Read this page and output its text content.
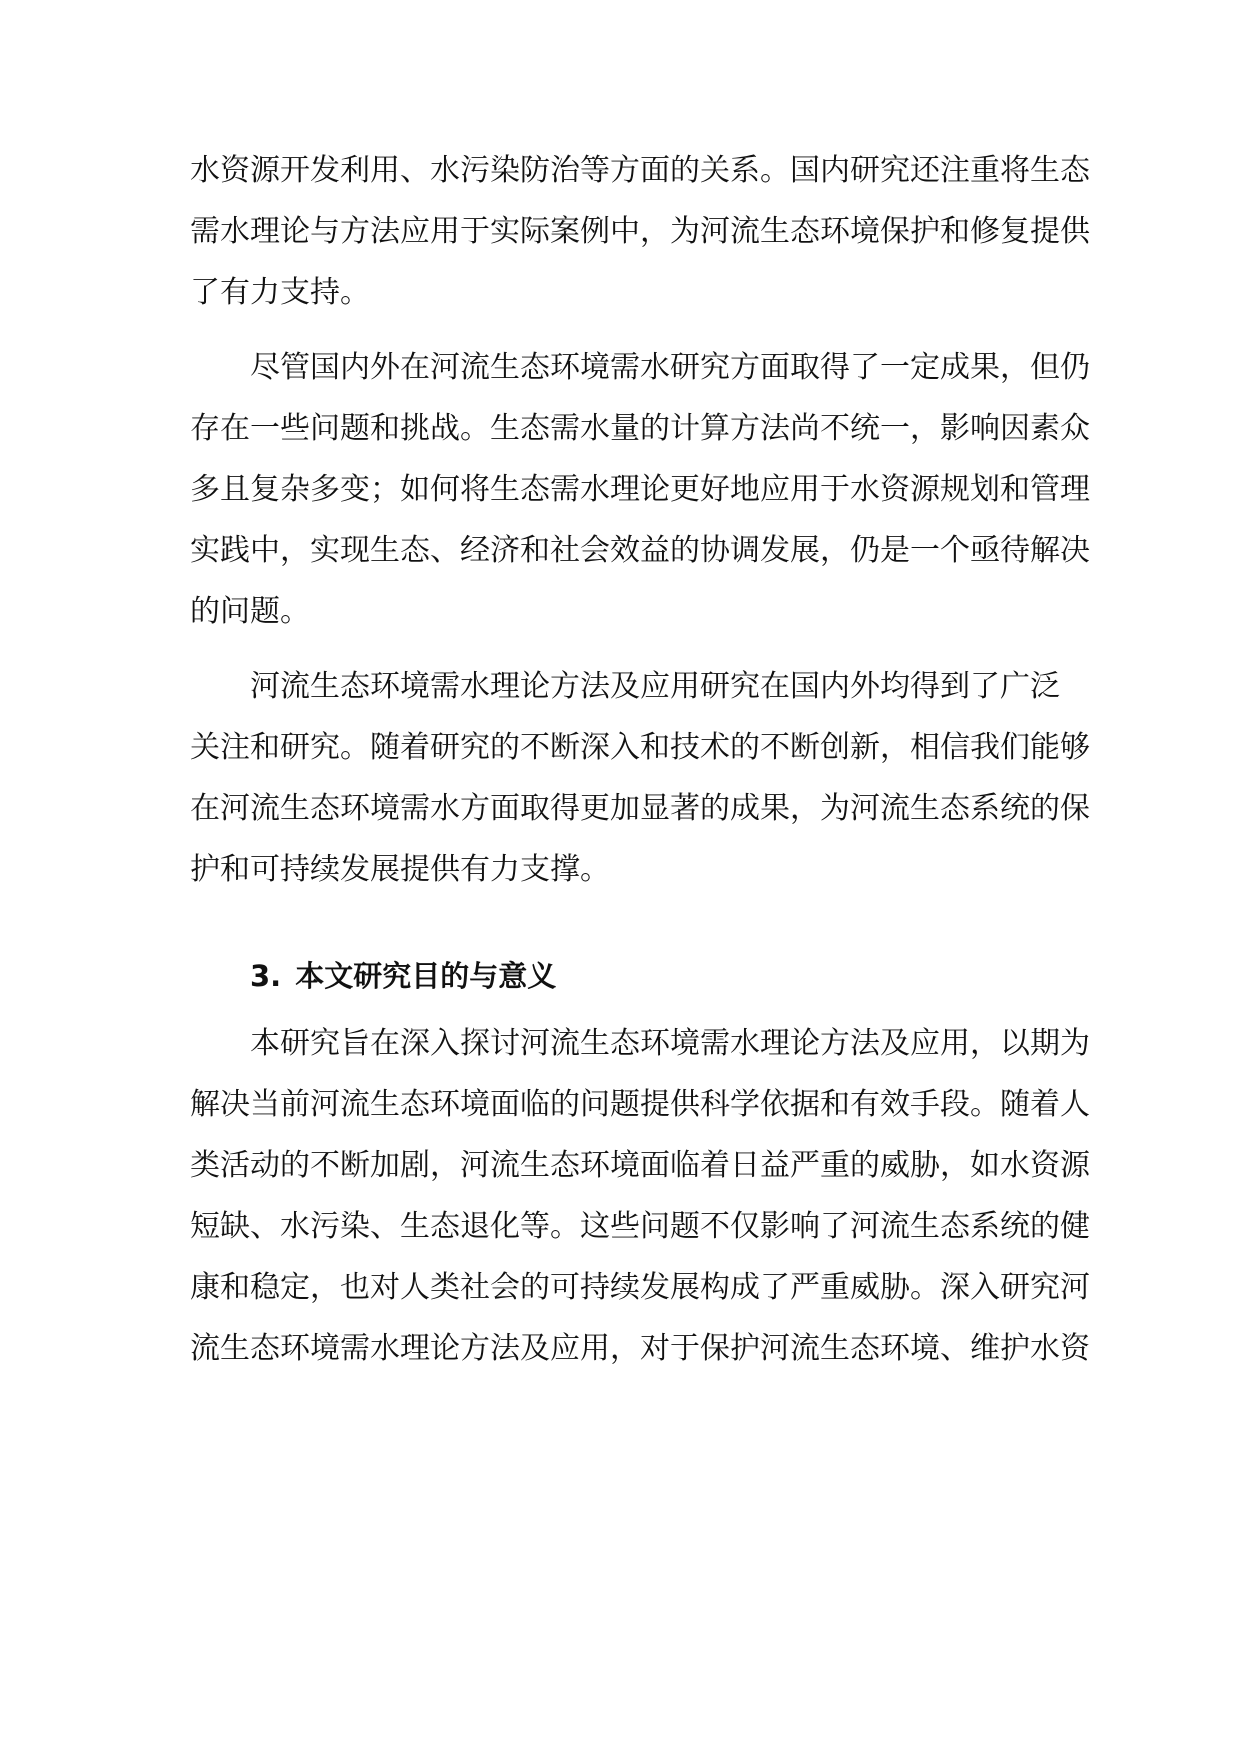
水资源开发利用、水污染防治等方面的关系。国内研究还注重将生态
需水理论与方法应用于实际案例中，为河流生态环境保护和修复提供
了有力支持。
尽管国内外在河流生态环境需水研究方面取得了一定成果，但仍
存在一些问题和挑战。生态需水量的计算方法尚不统一，影响因素众
多且复杂多变；如何将生态需水理论更好地应用于水资源规划和管理
实践中，实现生态、经济和社会效益的协调发展，仍是一个亟待解决
的问题。
河流生态环境需水理论方法及应用研究在国内外均得到了广泛
关注和研究。随着研究的不断深入和技术的不断创新，相信我们能够
在河流生态环境需水方面取得更加显著的成果，为河流生态系统的保
护和可持续发展提供有力支撑。
3. 本文研究目的与意义
本研究旨在深入探讨河流生态环境需水理论方法及应用，以期为
解决当前河流生态环境面临的问题提供科学依据和有效手段。随着人
类活动的不断加剧，河流生态环境面临着日益严重的威胁，如水资源
短缺、水污染、生态退化等。这些问题不仅影响了河流生态系统的健
康和稳定，也对人类社会的可持续发展构成了严重威胁。深入研究河
流生态环境需水理论方法及应用，对于保护河流生态环境、维护水资
